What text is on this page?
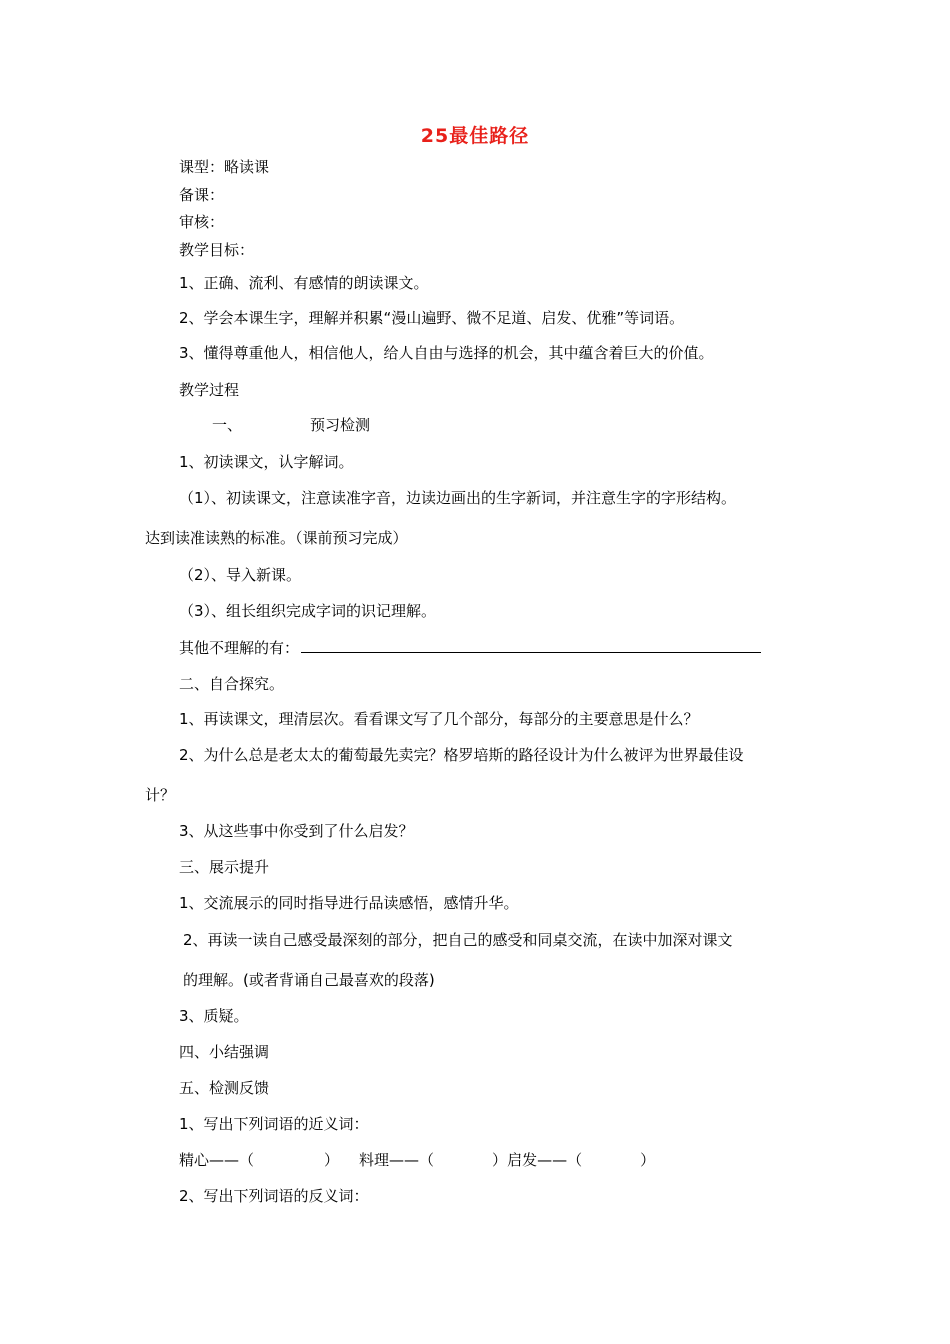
25最佳路径
课型：略读课
备课：
审核：
教学目标：
1、正确、流利、有感情的朗读课文。
2、学会本课生字，理解并积累“漫山遍野、微不足道、启发、优雅”等词语。
3、懂得尊重他人，相信他人，给人自由与选择的机会，其中蕴含着巨大的价值。
教学过程
一、	预习检测
1、初读课文，认字解词。
（1）、初读课文，注意读准字音，边读边画出的生字新词，并注意生字的字形结构。
达到读准读熟的标准。（课前预习完成）
（2）、导入新课。
（3）、组长组织完成字词的识记理解。
其他不理解的有：
二、自合探究。
1、再读课文，理清层次。看看课文写了几个部分，每部分的主要意思是什么？
2、为什么总是老太太的葡萄最先卖完？格罗培斯的路径设计为什么被评为世界最佳设
计？
3、从这些事中你受到了什么启发？
三、展示提升
1、交流展示的同时指导进行品读感悟，感情升华。
2、再读一读自己感受最深刻的部分，把自己的感受和同桌交流，在读中加深对课文
的理解。(或者背诵自己最喜欢的段落)
3、质疑。
四、小结强调
五、检测反馈
1、写出下列词语的近义词：
精心——（	） 料理——（	）启发——（	）
2、写出下列词语的反义词：
